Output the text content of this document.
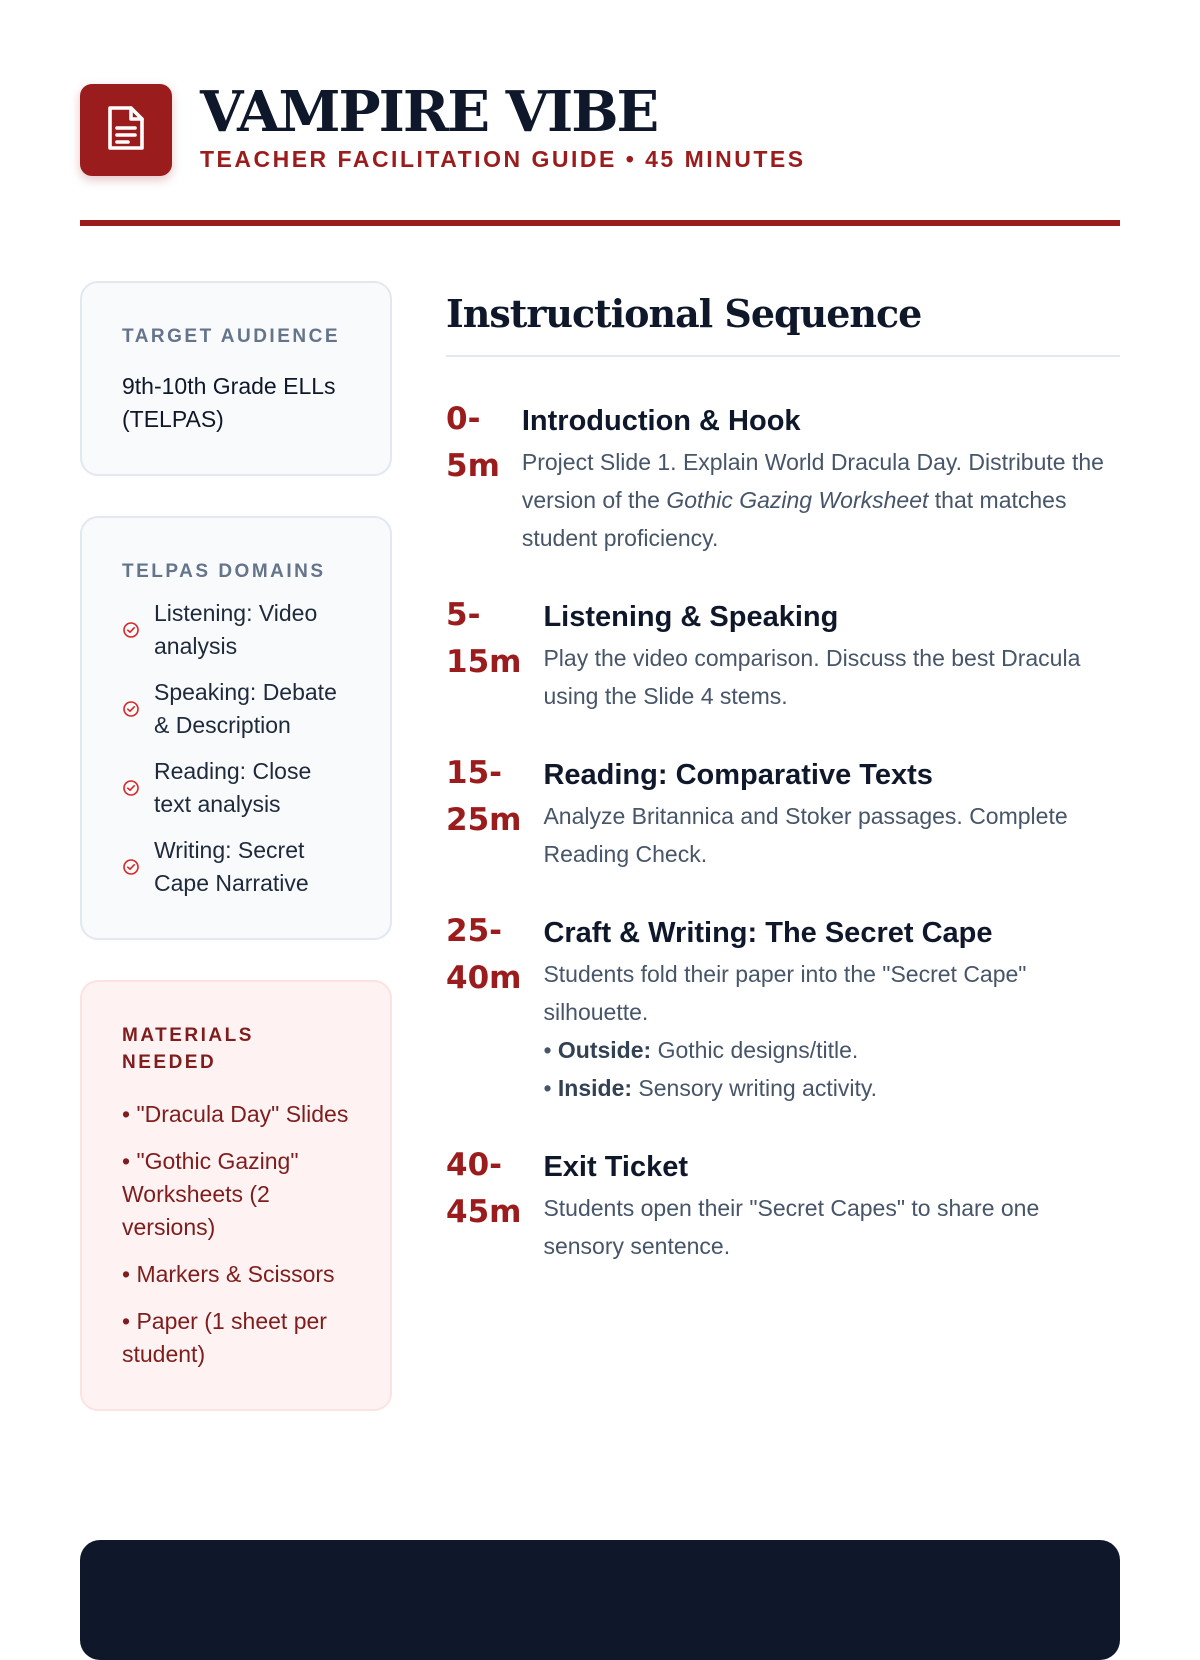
VAMPIRE VIBE
TEACHER FACILITATION GUIDE • 45 MINUTES
TARGET AUDIENCE
9th-10th Grade ELLs (TELPAS)
TELPAS DOMAINS
Listening: Video analysis
Speaking: Debate & Description
Reading: Close text analysis
Writing: Secret Cape Narrative
MATERIALS NEEDED
• "Dracula Day" Slides
• "Gothic Gazing" Worksheets (2 versions)
• Markers & Scissors
• Paper (1 sheet per student)
Instructional Sequence
0-
5m
Introduction & Hook
Project Slide 1. Explain World Dracula Day. Distribute the version of the Gothic Gazing Worksheet that matches student proficiency.
5-
15m
Listening & Speaking
Play the video comparison. Discuss the best Dracula using the Slide 4 stems.
15-
25m
Reading: Comparative Texts
Analyze Britannica and Stoker passages. Complete Reading Check.
25-
40m
Craft & Writing: The Secret Cape
Students fold their paper into the "Secret Cape" silhouette.
• Outside: Gothic designs/title.
• Inside: Sensory writing activity.
40-
45m
Exit Ticket
Students open their "Secret Capes" to share one sensory sentence.
